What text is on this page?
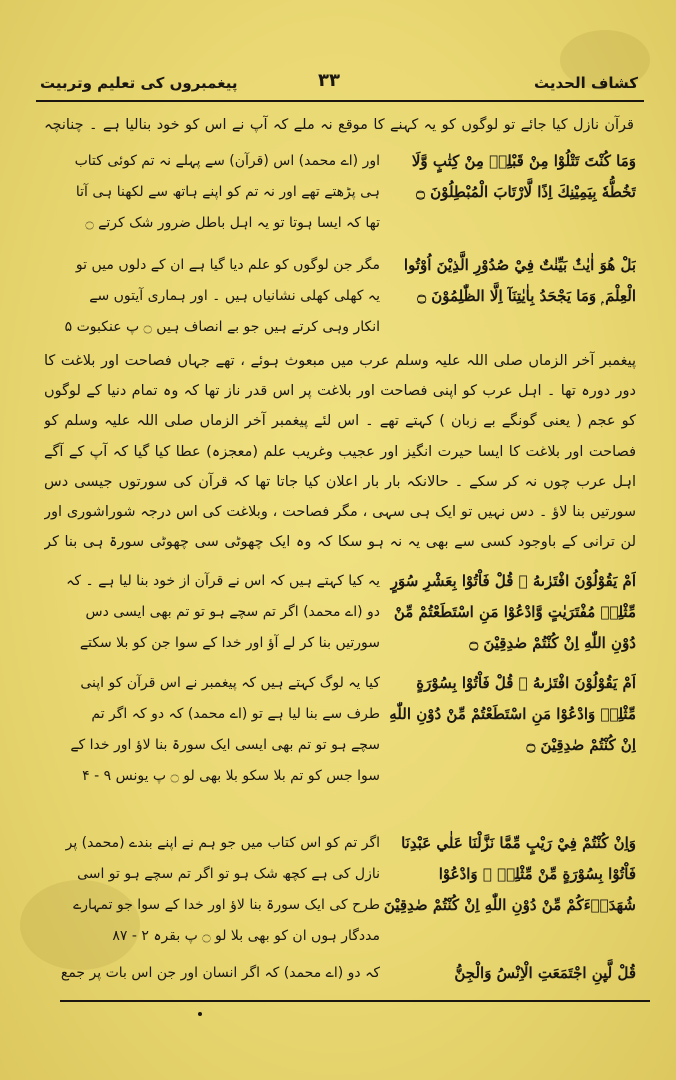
کشاف الحدیث
۳۳
پیغمبروں کی تعلیم وتربیت
قرآن نازل کیا جائے تو لوگوں کو یہ کہنے کا موقع نہ ملے کہ آپ نے اس کو خود بنالیا ہے ۔ چنانچہ
وَمَا كُنْتَ تَتْلُوْا مِنْ قَبْلِهٖ مِنْ كِتٰبٍ وَّلَا تَخُطُّهٗ بِيَمِيْنِكَ اِذًا لَّارْتَابَ الْمُبْطِلُوْنَ ۝
اور (اے محمد) اس (قرآن) سے پہلے نہ تم کوئی کتاب ہی پڑھتے تھے اور نہ تم کو اپنے ہاتھ سے لکھنا ہی آتا تھا کہ ایسا ہوتا تو یہ اہل باطل ضرور شک کرتے ۝
بَلْ هُوَ اٰيٰتٌۢ بَيِّنٰتٌ فِيْ صُدُوْرِ الَّذِيْنَ اُوْتُوا الْعِلْمَ ۭ وَمَا يَجْحَدُ بِاٰيٰتِنَآ اِلَّا الظّٰلِمُوْنَ ۝
مگر جن لوگوں کو علم دیا گیا ہے ان کے دلوں میں تو یہ کھلی کھلی نشانیاں ہیں ۔ اور ہماری آیتوں سے انکار وہی کرتے ہیں جو بے انصاف ہیں ۝ پ عنکبوت ۵
پیغمبر آخر الزماں صلی اللہ علیہ وسلم عرب میں مبعوث ہوئے ، تھے جہاں فصاحت اور بلاغت کا دور دورہ تھا ۔ اہل عرب کو اپنی فصاحت اور بلاغت پر اس قدر ناز تھا کہ وہ تمام دنیا کے لوگوں کو عجم ( یعنی گونگے بے زبان ) کہتے تھے ۔ اس لئے پیغمبر آخر الزماں صلی اللہ علیہ وسلم کو فصاحت اور بلاغت کا ایسا حیرت انگیز اور عجیب وغریب علم (معجزہ) عطا کیا گیا کہ آپ کے آگے اہل عرب چوں نہ کر سکے ۔ حالانکہ بار بار اعلان کیا جاتا تھا کہ قرآن کی سورتوں جیسی دس سورتیں بنا لاؤ ۔ دس نہیں تو ایک ہی سہی ، مگر فصاحت ، وبلاغت کی اس درجہ شوراشوری اور لن ترانی کے باوجود کسی سے بھی یہ نہ ہو سکا کہ وہ ایک چھوٹی سی چھوٹی سورۃ ہی بنا کر
اَمْ يَقُوْلُوْنَ افْتَرٰىهُ ۭ قُلْ فَاْتُوْا بِعَشْرِ سُوَرٍ مِّثْلِهٖ مُفْتَرَيٰتٍ وَّادْعُوْا مَنِ اسْتَطَعْتُمْ مِّنْ دُوْنِ اللّٰهِ اِنْ كُنْتُمْ صٰدِقِيْنَ ۝
یہ کیا کہتے ہیں کہ اس نے قرآن از خود بنا لیا ہے ۔ کہ دو (اے محمد) اگر تم سچے ہو تو تم بھی ایسی دس سورتیں بنا کر لے آؤ اور خدا کے سوا جن کو بلا سکتے
اَمْ يَقُوْلُوْنَ افْتَرٰىهُ ۭ قُلْ فَاْتُوْا بِسُوْرَةٍ مِّثْلِهٖ وَادْعُوْا مَنِ اسْتَطَعْتُمْ مِّنْ دُوْنِ اللّٰهِ اِنْ كُنْتُمْ صٰدِقِيْنَ ۝
کیا یہ لوگ کہتے ہیں کہ پیغمبر نے اس قرآن کو اپنی طرف سے بنا لیا ہے تو (اے محمد) کہ دو کہ اگر تم سچے ہو تو تم بھی ایسی ایک سورۃ بنا لاؤ اور خدا کے سوا جس کو تم بلا سکو بلا بھی لو ۝ پ یونس ۹ - ۴
وَاِنْ كُنْتُمْ فِيْ رَيْبٍ مِّمَّا نَزَّلْنَا عَلٰي عَبْدِنَا فَاْتُوْا بِسُوْرَةٍ مِّنْ مِّثْلِهٖ ۠ وَادْعُوْا شُهَدَاۗءَكُمْ مِّنْ دُوْنِ اللّٰهِ اِنْ كُنْتُمْ صٰدِقِيْنَ
اگر تم کو اس کتاب میں جو ہم نے اپنے بندے (محمد) پر نازل کی ہے کچھ شک ہو تو اگر تم سچے ہو تو اسی طرح کی ایک سورۃ بنا لاؤ اور خدا کے سوا جو تمہارے مددگار ہوں ان کو بھی بلا لو ۝ پ بقرہ ۲ - ۸۷
قُلْ لَّىِٕنِ اجْتَمَعَتِ الْاِنْسُ وَالْجِنُّ
کہ دو (اے محمد) کہ اگر انسان اور جن اس بات پر جمع
